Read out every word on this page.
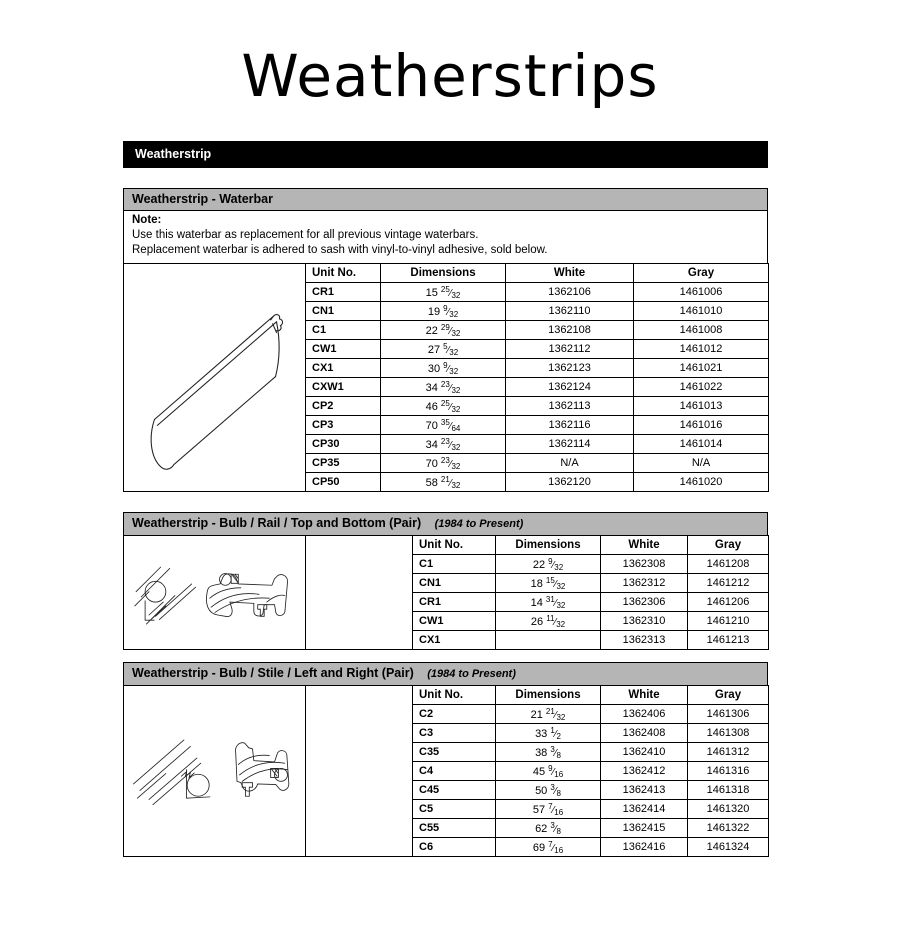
Weatherstrips
Weatherstrip
Weatherstrip - Waterbar
Note:
Use this waterbar as replacement for all previous vintage waterbars.
Replacement waterbar is adhered to sash with vinyl-to-vinyl adhesive, sold below.
	Unit No.	Dimensions	White	Gray
	CR1	15 $^{25}⁄_{32}$	1362106	1461006
	CN1	19 $^9⁄_{32}$	1362110	1461010
	C1	22 $^{29}⁄_{32}$	1362108	1461008
	CW1	27 $^5⁄_{32}$	1362112	1461012
	CX1	30 $^9⁄_{32}$	1362123	1461021
	CXW1	34 $^{23}⁄_{32}$	1362124	1461022
	CP2	46 $^{25}⁄_{32}$	1362113	1461013
	CP3	70 $^{35}⁄_{64}$	1362116	1461016
	CP30	34 $^{23}⁄_{32}$	1362114	1461014
	CP35	70 $^{23}⁄_{32}$	N/A	N/A
	CP50	58 $^{21}⁄_{32}$	1362120	1461020
Weatherstrip - Bulb / Rail / Top and Bottom (Pair) (1984 to Present)
		Unit No.	Dimensions	White	Gray
		C1	22 $^9⁄_{32}$	1362308	1461208
		CN1	18 $^{15}⁄_{32}$	1362312	1461212
		CR1	14 $^{31}⁄_{32}$	1362306	1461206
		CW1	26 $^{11}⁄_{32}$	1362310	1461210
		CX1		1362313	1461213
Weatherstrip - Bulb / Stile / Left and Right (Pair) (1984 to Present)
		Unit No.	Dimensions	White	Gray
		C2	21 $^{21}⁄_{32}$	1362406	1461306
		C3	33 $^1⁄_2$	1362408	1461308
		C35	38 $^3⁄_8$	1362410	1461312
		C4	45 $^9⁄_{16}$	1362412	1461316
		C45	50 $^3⁄_8$	1362413	1461318
		C5	57 $^7⁄_{16}$	1362414	1461320
		C55	62 $^3⁄_8$	1362415	1461322
		C6	69 $^7⁄_{16}$	1362416	1461324
